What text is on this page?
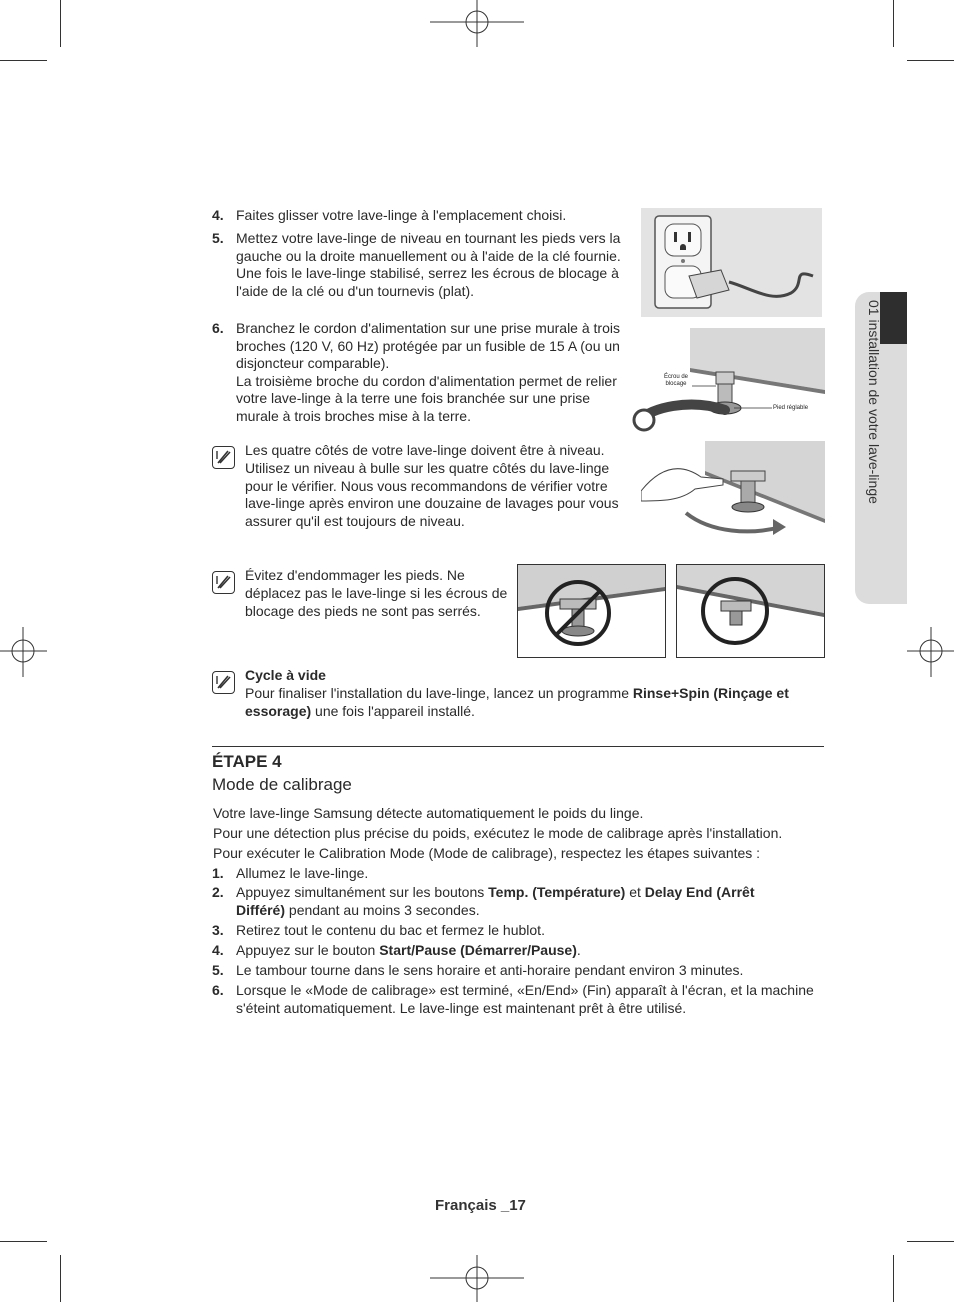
01 installation de votre lave-linge
4. Faites glisser votre lave-linge à l'emplacement choisi.
5. Mettez votre lave-linge de niveau en tournant les pieds vers la gauche ou la droite manuellement ou à l'aide de la clé fournie.
Une fois le lave-linge stabilisé, serrez les écrous de blocage à l'aide de la clé ou d'un tournevis (plat).
6. Branchez le cordon d'alimentation sur une prise murale à trois broches (120 V, 60 Hz) protégée par un fusible de 15 A (ou un disjoncteur comparable).
La troisième broche du cordon d'alimentation permet de relier votre lave-linge à la terre une fois branchée sur une prise murale à trois broches mise à la terre.
Écrou de blocage
Pied réglable
Les quatre côtés de votre lave-linge doivent être à niveau. Utilisez un niveau à bulle sur les quatre côtés du lave-linge pour le vérifier. Nous vous recommandons de vérifier votre lave-linge après environ une douzaine de lavages pour vous assurer qu'il est toujours de niveau.
Évitez d'endommager les pieds. Ne déplacez pas le lave-linge si les écrous de blocage des pieds ne sont pas serrés.
Cycle à vide
Pour finaliser l'installation du lave-linge, lancez un programme Rinse+Spin (Rinçage et essorage) une fois l'appareil installé.
ÉTAPE 4
Mode de calibrage
Votre lave-linge Samsung détecte automatiquement le poids du linge.
Pour une détection plus précise du poids, exécutez le mode de calibrage après l'installation.
Pour exécuter le Calibration Mode (Mode de calibrage), respectez les étapes suivantes :
1. Allumez le lave-linge.
2. Appuyez simultanément sur les boutons Temp. (Température) et Delay End (Arrêt Différé) pendant au moins 3 secondes.
3. Retirez tout le contenu du bac et fermez le hublot.
4. Appuyez sur le bouton Start/Pause (Démarrer/Pause).
5. Le tambour tourne dans le sens horaire et anti-horaire pendant environ 3 minutes.
6. Lorsque le «Mode de calibrage» est terminé, «En/End» (Fin) apparaît à l'écran, et la machine s'éteint automatiquement. Le lave-linge est maintenant prêt à être utilisé.
Français _17
